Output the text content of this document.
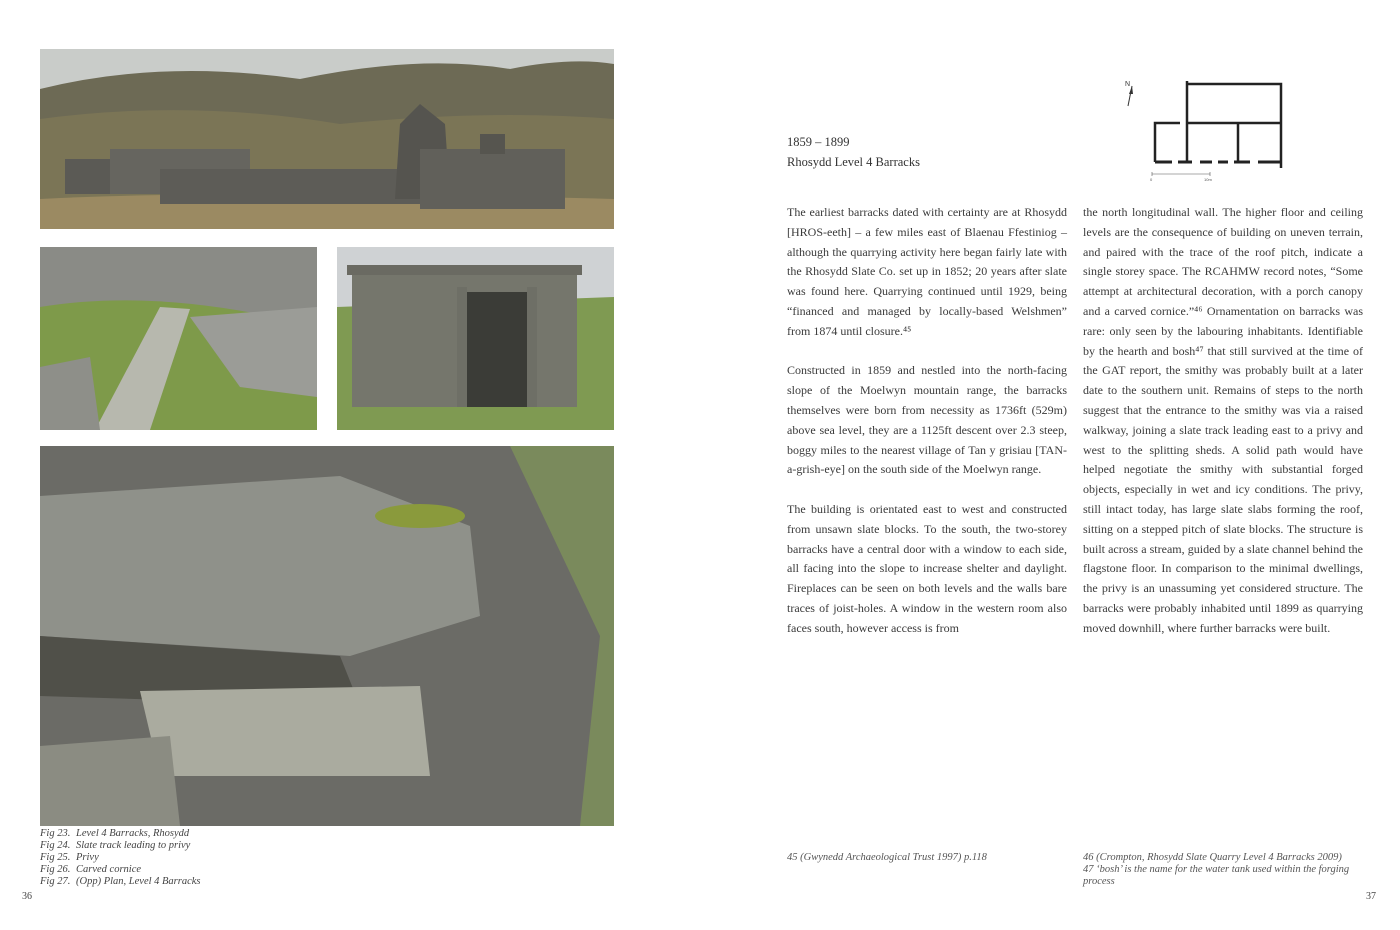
Fig 23. Level 4 Barracks, Rhosydd
Fig 24. Slate track leading to privy
Fig 25. Privy
Fig 26. Carved cornice
Fig 27. (Opp) Plan, Level 4 Barracks
36	37
1859 – 1899
Rhosydd Level 4 Barracks
N
0	10m

The earliest barracks dated with certainty are at Rhosydd [HROS-eeth] – a few miles east of Blaenau Ffestiniog – although the quarrying activity here began fairly late with the Rhosydd Slate Co. set up in 1852; 20 years after slate was found here. Quarrying continued until 1929, being “financed and managed by locally-based Welshmen” from 1874 until closure.⁴⁵

Constructed in 1859 and nestled into the north-facing slope of the Moelwyn mountain range, the barracks themselves were born from necessity as 1736ft (529m) above sea level, they are a 1125ft descent over 2.3 steep, boggy miles to the nearest village of Tan y grisiau [TAN-a-grish-eye] on the south side of the Moelwyn range.

The building is orientated east to west and constructed from unsawn slate blocks. To the south, the two-storey barracks have a central door with a window to each side, all facing into the slope to increase shelter and daylight. Fireplaces can be seen on both levels and the walls bare traces of joist-holes. A window in the western room also faces south, however access is from

the north longitudinal wall. The higher floor and ceiling levels are the consequence of building on uneven terrain, and paired with the trace of the roof pitch, indicate a single storey space. The RCAHMW record notes, “Some attempt at architectural decoration, with a porch canopy and a carved cornice.”⁴⁶ Ornamentation on barracks was rare: only seen by the labouring inhabitants. Identifiable by the hearth and bosh⁴⁷ that still survived at the time of the GAT report, the smithy was probably built at a later date to the southern unit. Remains of steps to the north suggest that the entrance to the smithy was via a raised walkway, joining a slate track leading east to a privy and west to the splitting sheds. A solid path would have helped negotiate the smithy with substantial forged objects, especially in wet and icy conditions. The privy, still intact today, has large slate slabs forming the roof, sitting on a stepped pitch of slate blocks. The structure is built across a stream, guided by a slate channel behind the flagstone floor. In comparison to the minimal dwellings, the privy is an unassuming yet considered structure. The barracks were probably inhabited until 1899 as quarrying moved downhill, where further barracks were built.

45 (Gwynedd Archaeological Trust 1997) p.118	46 (Crompton, Rhosydd Slate Quarry Level 4 Barracks 2009)
47 ‘bosh’ is the name for the water tank used within the forging process
